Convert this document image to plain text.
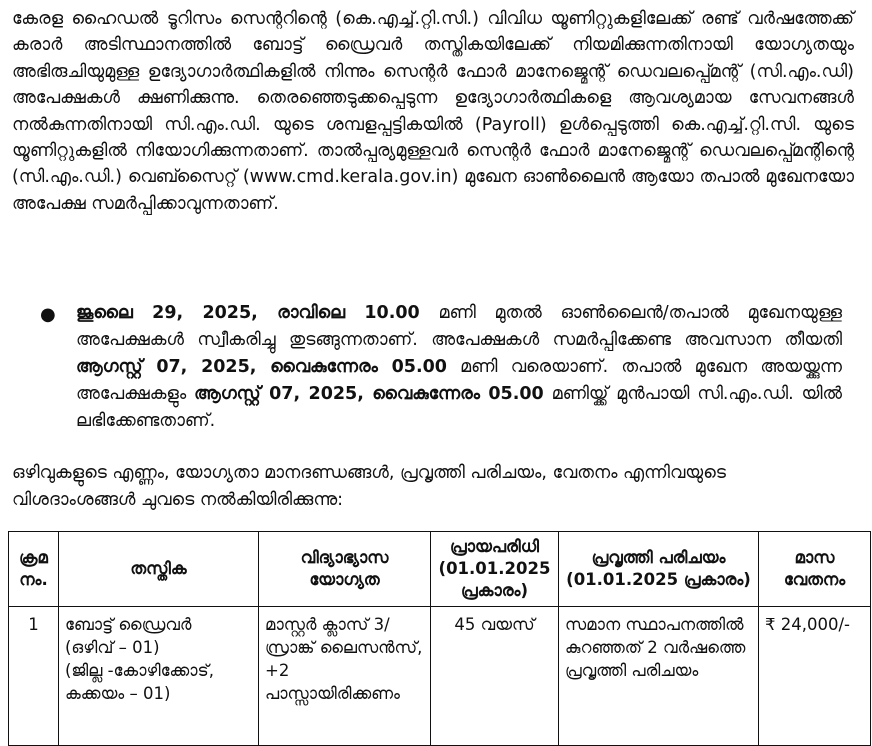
കേരള ഹൈഡൽ ടൂറിസം സെന്ററിന്റെ (കെ.എച്ച്.റ്റി.സി.) വിവിധ യൂണിറ്റുകളിലേക്ക് രണ്ട് വർഷത്തേക്ക് കരാർ അടിസ്ഥാനത്തിൽ ബോട്ട് ഡ്രൈവർ തസ്തികയിലേക്ക് നിയമിക്കുന്നതിനായി യോഗ്യതയും അഭിരുചിയുമുള്ള ഉദ്യോഗാർത്ഥികളിൽ നിന്നും സെന്റർ ഫോർ മാനേജ്മെന്റ് ഡെവലപ്പ്മെന്റ് (സി.എം.ഡി) അപേക്ഷകൾ ക്ഷണിക്കുന്നു. തെരഞ്ഞെടുക്കപ്പെടുന്ന ഉദ്യോഗാർത്ഥികളെ ആവശ്യമായ സേവനങ്ങൾ നൽകുന്നതിനായി സി.എം.ഡി. യുടെ ശമ്പളപ്പട്ടികയിൽ (Payroll) ഉൾപ്പെടുത്തി കെ.എച്ച്.റ്റി.സി. യുടെ യൂണിറ്റുകളിൽ നിയോഗിക്കുന്നതാണ്. താൽപ്പര്യമുള്ളവർ സെന്റർ ഫോർ മാനേജ്മെന്റ് ഡെവലപ്പ്മെന്റിന്റെ (സി.എം.ഡി.) വെബ്സൈറ്റ് (www.cmd.kerala.gov.in) മുഖേന ഓൺലൈൻ ആയോ തപാൽ മുഖേനയോ അപേക്ഷ സമർപ്പിക്കാവുന്നതാണ്.

● ജൂലൈ 29, 2025, രാവിലെ 10.00 മണി മുതൽ ഓൺലൈൻ/തപാൽ മുഖേനയുള്ള അപേക്ഷകൾ സ്വീകരിച്ചു തുടങ്ങുന്നതാണ്. അപേക്ഷകൾ സമർപ്പിക്കേണ്ട അവസാന തീയതി ആഗസ്റ്റ് 07, 2025, വൈകുന്നേരം 05.00 മണി വരെയാണ്. തപാൽ മുഖേന അയയ്ക്കുന്ന അപേക്ഷകളും ആഗസ്റ്റ് 07, 2025, വൈകുന്നേരം 05.00 മണിയ്ക്ക് മുൻപായി സി.എം.ഡി. യിൽ ലഭിക്കേണ്ടതാണ്.

ഒഴിവുകളുടെ എണ്ണം, യോഗ്യതാ മാനദണ്ഡങ്ങൾ, പ്രവൃത്തി പരിചയം, വേതനം എന്നിവയുടെ വിശദാംശങ്ങൾ ചുവടെ നൽകിയിരിക്കുന്നു:

ക്രമ നം.	തസ്തിക	വിദ്യാഭ്യാസ യോഗ്യത	പ്രായപരിധി (01.01.2025 പ്രകാരം)	പ്രവൃത്തി പരിചയം (01.01.2025 പ്രകാരം)	മാസ വേതനം
1	ബോട്ട് ഡ്രൈവർ
(ഒഴിവ് – 01)
(ജില്ല -കോഴിക്കോട്,
കക്കയം – 01)	മാസ്റ്റർ ക്ലാസ് 3/സ്രാങ്ക് ലൈസൻസ്, +2 പാസ്സായിരിക്കണം	45 വയസ്	സമാന സ്ഥാപനത്തിൽ കുറഞ്ഞത് 2 വർഷത്തെ പ്രവൃത്തി പരിചയം	₹ 24,000/-
